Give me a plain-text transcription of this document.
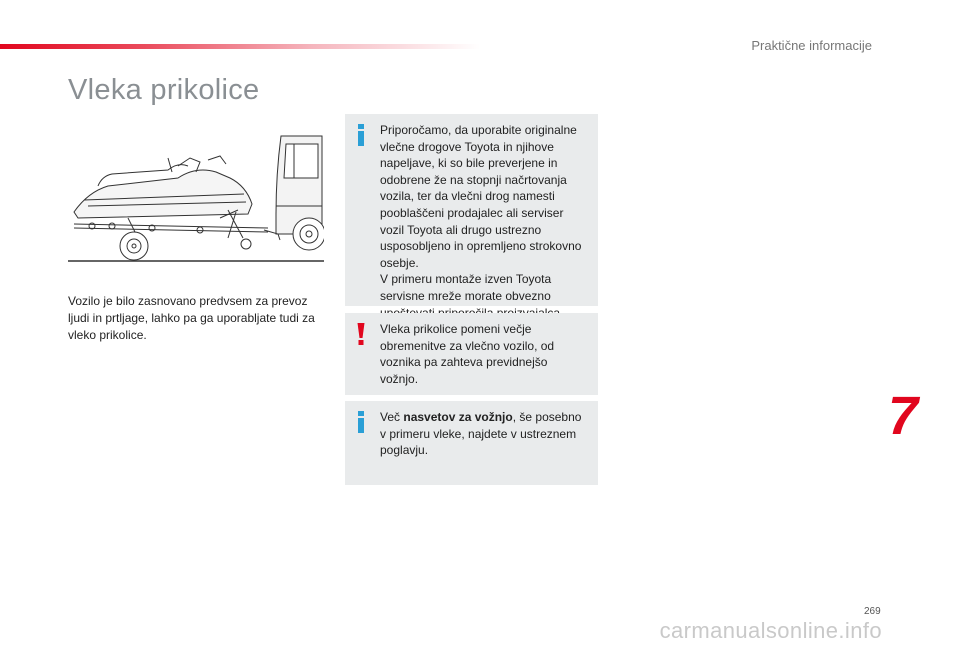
Praktične informacije
Vleka prikolice

Vozilo je bilo zasnovano predvsem za prevoz ljudi in prtljage, lahko pa ga uporabljate tudi za vleko prikolice.

Priporočamo, da uporabite originalne vlečne drogove Toyota in njihove napeljave, ki so bile preverjene in odobrene že na stopnji načrtovanja vozila, ter da vlečni drog namesti pooblaščeni prodajalec ali serviser vozil Toyota ali drugo ustrezno usposobljeno in opremljeno strokovno osebje.

V primeru montaže izven Toyota servisne mreže morate obvezno

Vleka prikolice pomeni večje obremenitve za vlečno vozilo, od voznika pa zahteva previdnejšo vožnjo.

Več nasvetov za vožnjo, še posebno v primeru vleke, najdete v ustreznem poglavju.

7
269
carmanualsonline.info
